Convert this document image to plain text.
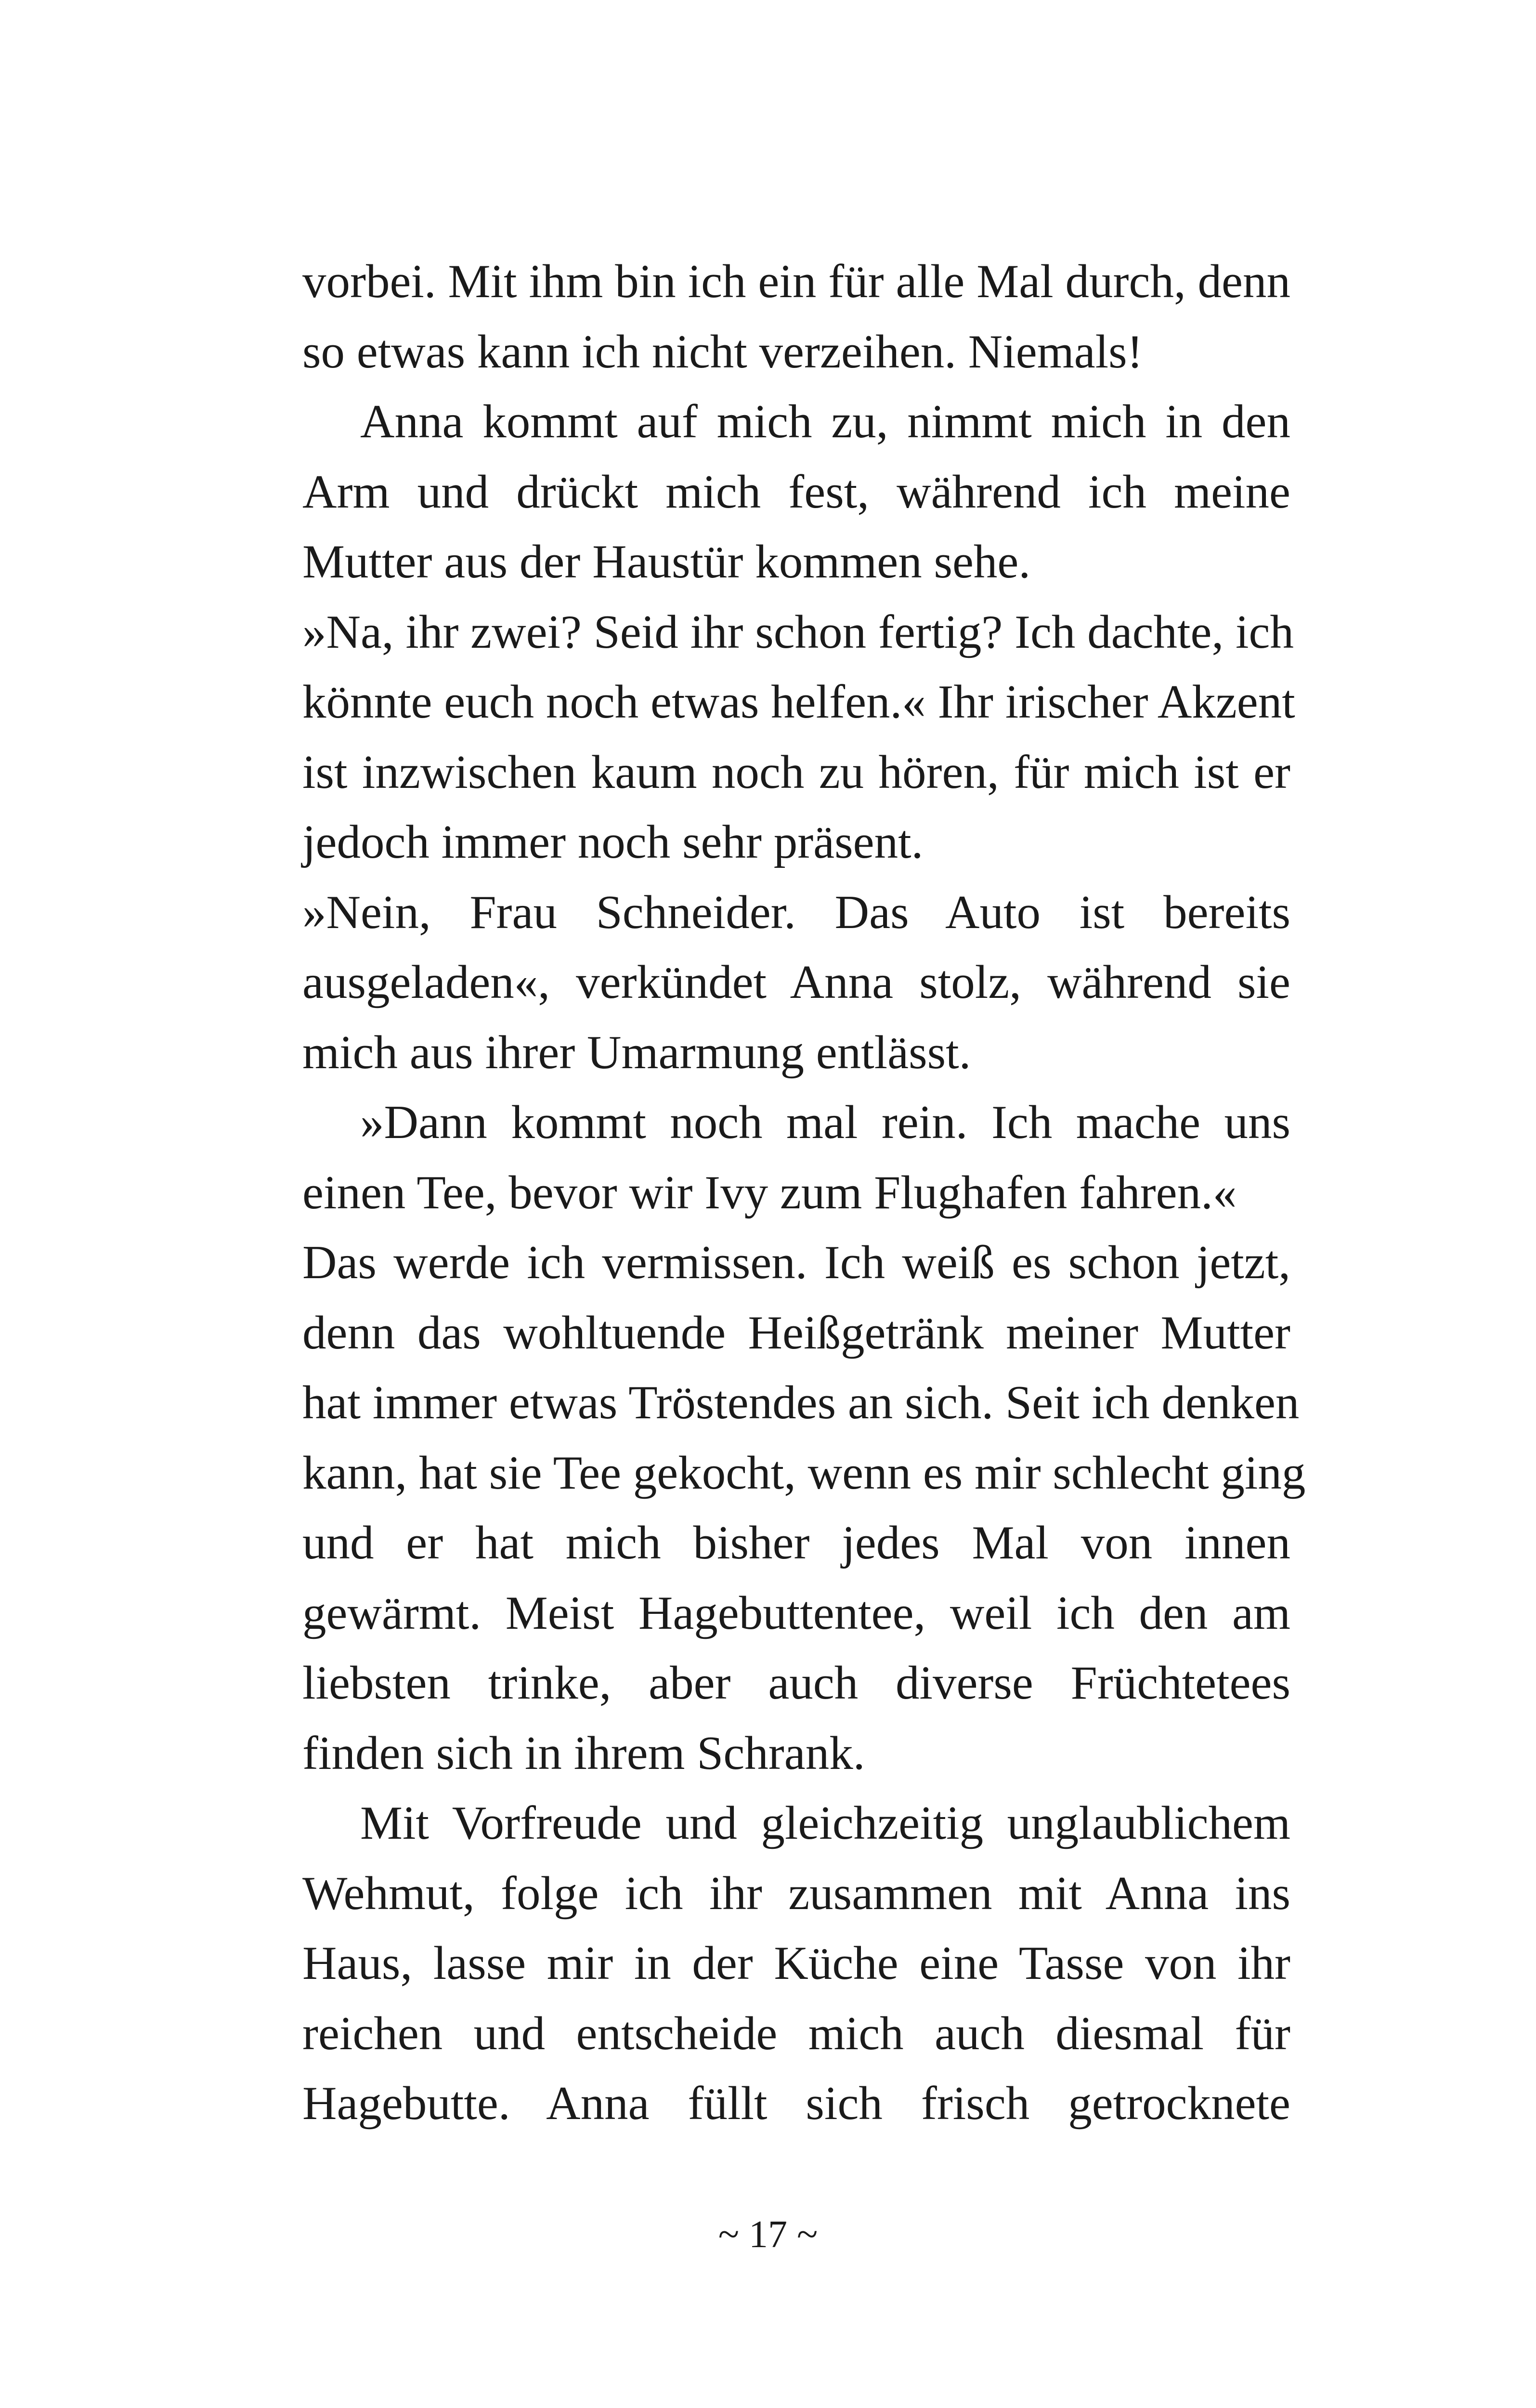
vorbei. Mit ihm bin ich ein für alle Mal durch, denn
so etwas kann ich nicht verzeihen. Niemals!
Anna kommt auf mich zu, nimmt mich in den
Arm und drückt mich fest, während ich meine
Mutter aus der Haustür kommen sehe.
»Na, ihr zwei? Seid ihr schon fertig? Ich dachte, ich
könnte euch noch etwas helfen.« Ihr irischer Akzent
ist inzwischen kaum noch zu hören, für mich ist er
jedoch immer noch sehr präsent.
»Nein, Frau Schneider. Das Auto ist bereits
ausgeladen«, verkündet Anna stolz, während sie
mich aus ihrer Umarmung entlässt.
»Dann kommt noch mal rein. Ich mache uns
einen Tee, bevor wir Ivy zum Flughafen fahren.«
Das werde ich vermissen. Ich weiß es schon jetzt,
denn das wohltuende Heißgetränk meiner Mutter
hat immer etwas Tröstendes an sich. Seit ich denken
kann, hat sie Tee gekocht, wenn es mir schlecht ging
und er hat mich bisher jedes Mal von innen
gewärmt. Meist Hagebuttentee, weil ich den am
liebsten trinke, aber auch diverse Früchtetees
finden sich in ihrem Schrank.
Mit Vorfreude und gleichzeitig unglaublichem
Wehmut, folge ich ihr zusammen mit Anna ins
Haus, lasse mir in der Küche eine Tasse von ihr
reichen und entscheide mich auch diesmal für
Hagebutte. Anna füllt sich frisch getrocknete
~ 17 ~
